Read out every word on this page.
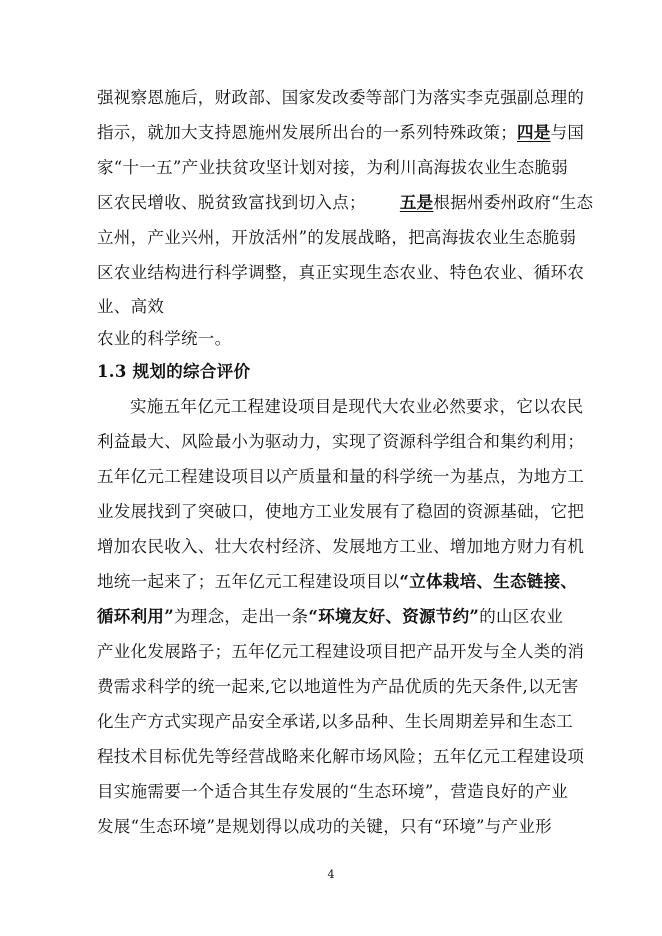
强视察恩施后，财政部、国家发改委等部门为落实李克强副总理的
指示，就加大支持恩施州发展所出台的一系列特殊政策；四是与国
家“十一五”产业扶贫攻坚计划对接，为利川高海拔农业生态脆弱
区农民增收、脱贫致富找到切入点； 五是根据州委州政府“生态
立州，产业兴州，开放活州”的发展战略，把高海拔农业生态脆弱
区农业结构进行科学调整，真正实现生态农业、特色农业、循环农
业、高效
农业的科学统一。
1.3 规划的综合评价
实施五年亿元工程建设项目是现代大农业必然要求，它以农民
利益最大、风险最小为驱动力，实现了资源科学组合和集约利用；
五年亿元工程建设项目以产质量和量的科学统一为基点，为地方工
业发展找到了突破口，使地方工业发展有了稳固的资源基础，它把
增加农民收入、壮大农村经济、发展地方工业、增加地方财力有机
地统一起来了；五年亿元工程建设项目以“立体栽培、生态链接、
循环利用”为理念，走出一条“环境友好、资源节约”的山区农业
产业化发展路子；五年亿元工程建设项目把产品开发与全人类的消
费需求科学的统一起来,它以地道性为产品优质的先天条件,以无害
化生产方式实现产品安全承诺,以多品种、生长周期差异和生态工
程技术目标优先等经营战略来化解市场风险；五年亿元工程建设项
目实施需要一个适合其生存发展的“生态环境”，营造良好的产业
发展“生态环境”是规划得以成功的关键，只有“环境”与产业形
4
